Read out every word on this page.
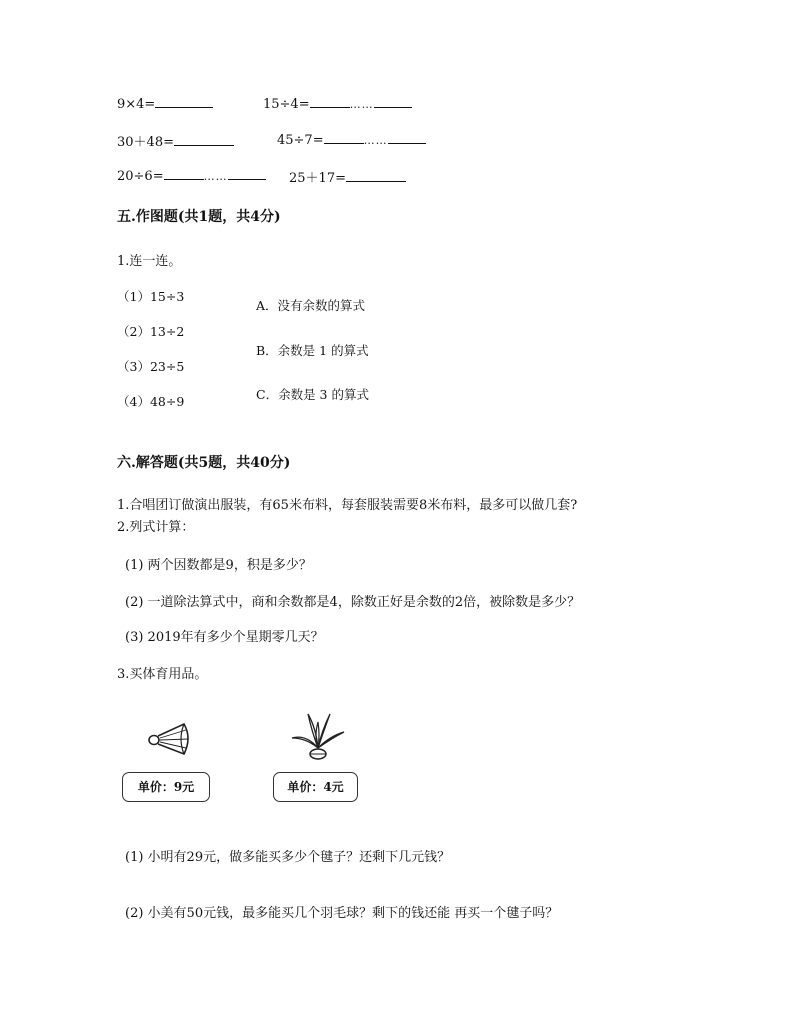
9×4=	15÷4=	……
30＋48=	45÷7=	……
20÷6=	……	25＋17=
五.作图题(共1题，共4分)
1.连一连。
（1）15÷3
（2）13÷2
（3）23÷5
（4）48÷9
A．没有余数的算式
B．余数是 1 的算式
C．余数是 3 的算式
六.解答题(共5题，共40分)
1.合唱团订做演出服装，有65米布料，每套服装需要8米布料，最多可以做几套?
2.列式计算：
(1) 两个因数都是9，积是多少？
(2) 一道除法算式中，商和余数都是4，除数正好是余数的2倍，被除数是多少？
(3) 2019年有多少个星期零几天？
3.买体育用品。
单价：9元	单价：4元
(1) 小明有29元，做多能买多少个毽子？还剩下几元钱？
(2) 小美有50元钱，最多能买几个羽毛球？剩下的钱还能 再买一个毽子吗？
